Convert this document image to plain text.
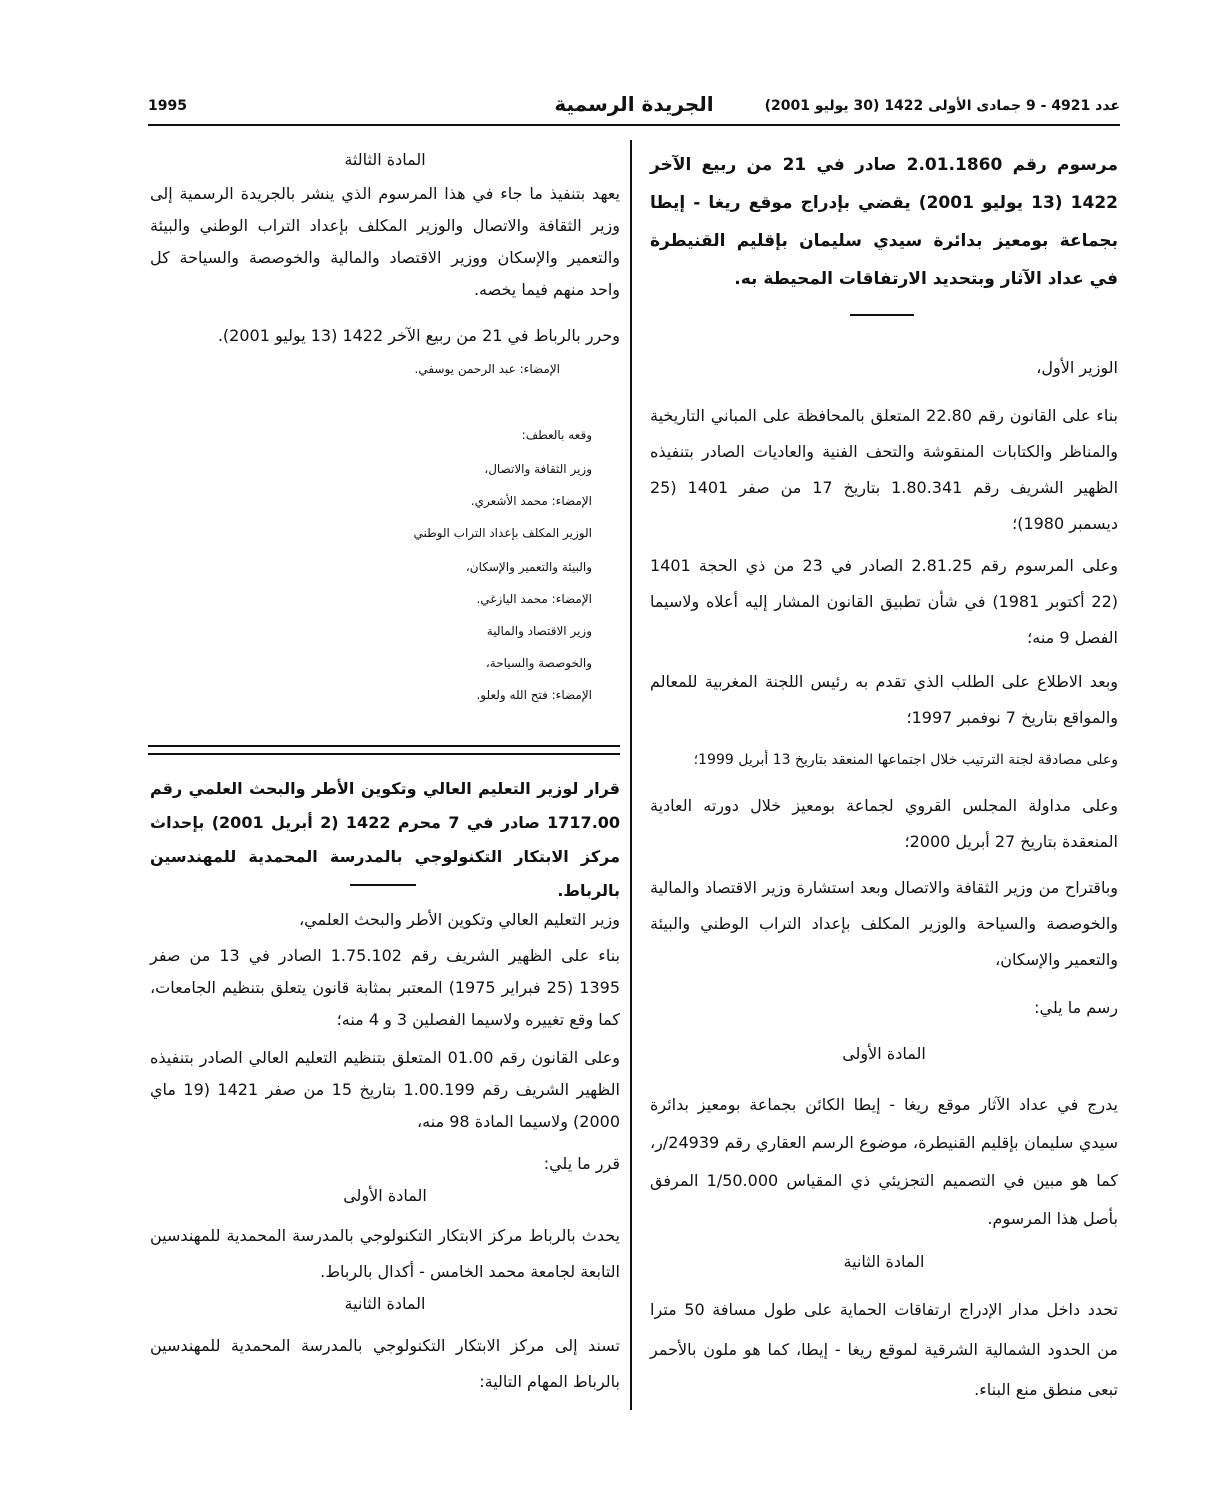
1995	الجريدة الرسمية	عدد 4921 - 9 جمادى الأولى 1422 (30 يوليو 2001)
مرسوم رقم 2.01.1860 صادر في 21 من ربيع الآخر 1422 (13 يوليو 2001) يقضي بإدراج موقع ريغا - إيطا بجماعة بومعيز بدائرة سيدي سليمان بإقليم القنيطرة في عداد الآثار وبتحديد الارتفاقات المحيطة به.
الوزير الأول،
بناء على القانون رقم 22.80 المتعلق بالمحافظة على المباني التاريخية والمناظر والكتابات المنقوشة والتحف الفنية والعاديات الصادر بتنفيذه الظهير الشريف رقم 1.80.341 بتاريخ 17 من صفر 1401 (25 ديسمبر 1980)؛
وعلى المرسوم رقم 2.81.25 الصادر في 23 من ذي الحجة 1401 (22 أكتوبر 1981) في شأن تطبيق القانون المشار إليه أعلاه ولاسيما الفصل 9 منه؛
وبعد الاطلاع على الطلب الذي تقدم به رئيس اللجنة المغربية للمعالم والمواقع بتاريخ 7 نوفمبر 1997؛
وعلى مصادقة لجنة الترتيب خلال اجتماعها المنعقد بتاريخ 13 أبريل 1999؛
وعلى مداولة المجلس القروي لجماعة بومعيز خلال دورته العادية المنعقدة بتاريخ 27 أبريل 2000؛
وباقتراح من وزير الثقافة والاتصال وبعد استشارة وزير الاقتصاد والمالية والخوصصة والسياحة والوزير المكلف بإعداد التراب الوطني والبيئة والتعمير والإسكان،
رسم ما يلي:
المادة الأولى
يدرج في عداد الآثار موقع ريغا - إيطا الكائن بجماعة بومعيز بدائرة سيدي سليمان بإقليم القنيطرة، موضوع الرسم العقاري رقم 24939/ر، كما هو مبين في التصميم التجزيئي ذي المقياس 1/50.000 المرفق بأصل هذا المرسوم.
المادة الثانية
تحدد داخل مدار الإدراج ارتفاقات الحماية على طول مسافة 50 مترا من الحدود الشمالية الشرقية لموقع ريغا - إيطا، كما هو ملون بالأحمر تبعى منطق منع البناء.
المادة الثالثة
يعهد بتنفيذ ما جاء في هذا المرسوم الذي ينشر بالجريدة الرسمية إلى وزير الثقافة والاتصال والوزير المكلف بإعداد التراب الوطني والبيئة والتعمير والإسكان ووزير الاقتصاد والمالية والخوصصة والسياحة كل واحد منهم فيما يخصه.
وحرر بالرباط في 21 من ربيع الآخر 1422 (13 يوليو 2001).
الإمضاء: عبد الرحمن يوسفي.
وقعه بالعطف:
وزير الثقافة والاتصال،
الإمضاء: محمد الأشعري.
الوزير المكلف بإعداد التراب الوطني
والبيئة والتعمير والإسكان،
الإمضاء: محمد اليازغي.
وزير الاقتصاد والمالية
والخوصصة والسياحة،
الإمضاء: فتح الله ولعلو.
قرار لوزير التعليم العالي وتكوين الأطر والبحث العلمي رقم 1717.00 صادر في 7 محرم 1422 (2 أبريل 2001) بإحداث مركز الابتكار التكنولوجي بالمدرسة المحمدية للمهندسين بالرباط.
وزير التعليم العالي وتكوين الأطر والبحث العلمي،
بناء على الظهير الشريف رقم 1.75.102 الصادر في 13 من صفر 1395 (25 فبراير 1975) المعتبر بمثابة قانون يتعلق بتنظيم الجامعات، كما وقع تغييره ولاسيما الفصلين 3 و 4 منه؛
وعلى القانون رقم 01.00 المتعلق بتنظيم التعليم العالي الصادر بتنفيذه الظهير الشريف رقم 1.00.199 بتاريخ 15 من صفر 1421 (19 ماي 2000) ولاسيما المادة 98 منه،
قرر ما يلي:
المادة الأولى
يحدث بالرباط مركز الابتكار التكنولوجي بالمدرسة المحمدية للمهندسين التابعة لجامعة محمد الخامس - أكدال بالرباط.
المادة الثانية
تسند إلى مركز الابتكار التكنولوجي بالمدرسة المحمدية للمهندسين بالرباط المهام التالية:
